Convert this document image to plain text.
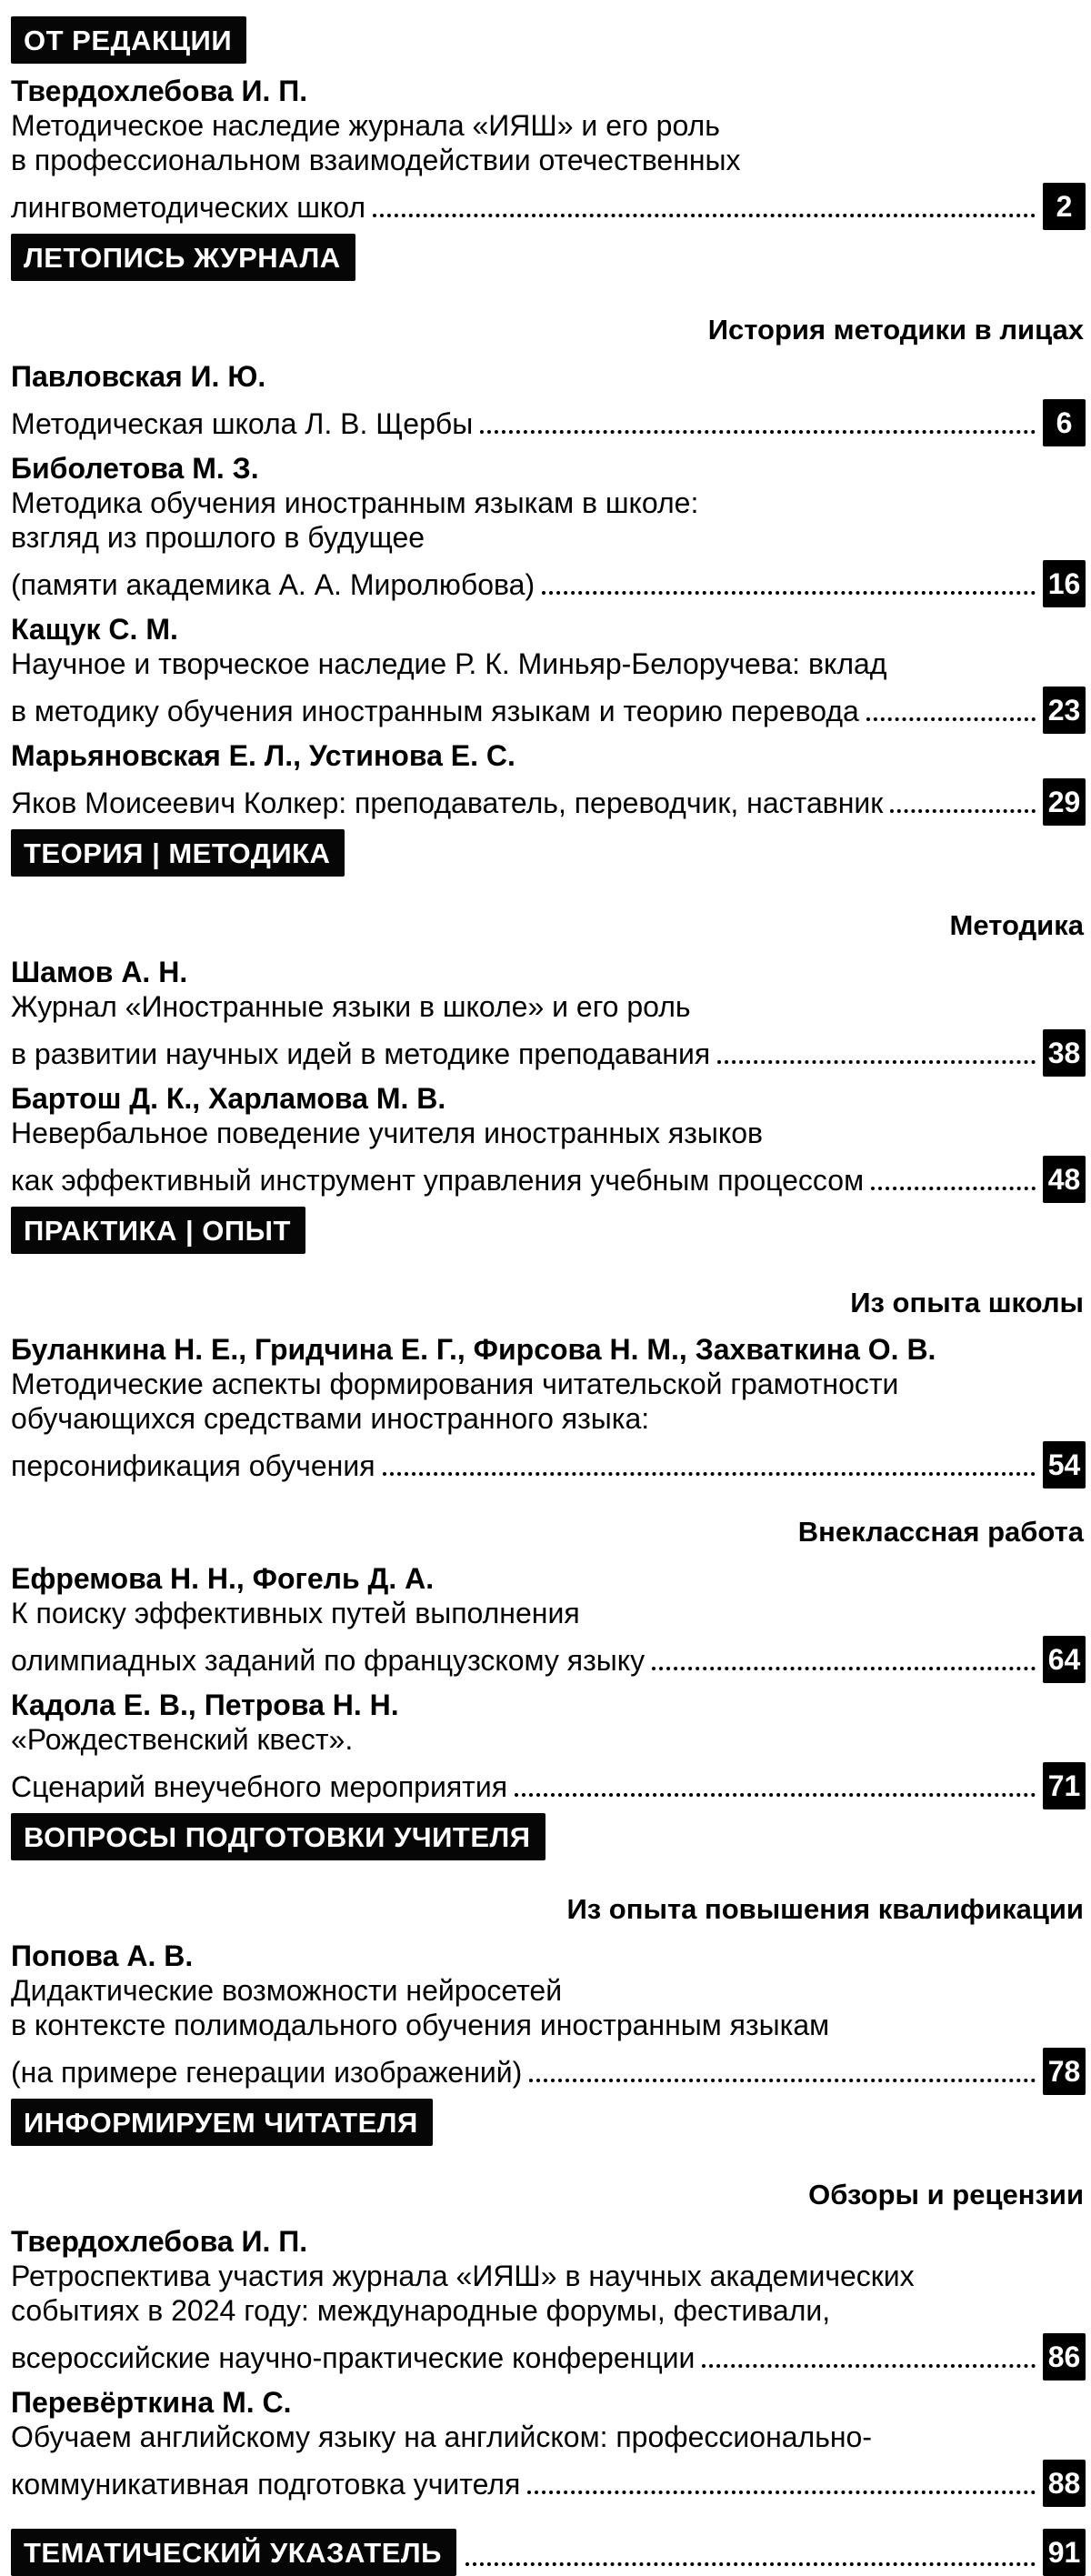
ОТ РЕДАКЦИИ
Твердохлебова И. П.

Методическое наследие журнала «ИЯШ» и его роль

в профессиональном взаимодействии отечественных

лингвометодических школ	2
ЛЕТОПИСЬ ЖУРНАЛА
История методики в лицах
Павловская И. Ю.
Методическая школа Л. В. Щербы	6
Биболетова М. З.

Методика обучения иностранным языкам в школе:

взгляд из прошлого в будущее

(памяти академика А. А. Миролюбова)	16
Кащук С. М.

Научное и творческое наследие Р. К. Миньяр-Белоручева: вклад

в методику обучения иностранным языкам и теорию перевода	23
Марьяновская Е. Л., Устинова Е. С.
Яков Моисеевич Колкер: преподаватель, переводчик, наставник	29
ТЕОРИЯ | МЕТОДИКА
Методика
Шамов А. Н.

Журнал «Иностранные языки в школе» и его роль

в развитии научных идей в методике преподавания	38
Бартош Д. К., Харламова М. В.

Невербальное поведение учителя иностранных языков

как эффективный инструмент управления учебным процессом	48
ПРАКТИКА | ОПЫТ
Из опыта школы
Буланкина Н. Е., Гридчина Е. Г., Фирсова Н. М., Захваткина О. В.

Методические аспекты формирования читательской грамотности

обучающихся средствами иностранного языка:

персонификация обучения	54
Внеклассная работа
Ефремова Н. Н., Фогель Д. А.

К поиску эффективных путей выполнения

олимпиадных заданий по французскому языку	64
Кадола Е. В., Петрова Н. Н.

«Рождественский квест».

Сценарий внеучебного мероприятия	71
ВОПРОСЫ ПОДГОТОВКИ УЧИТЕЛЯ
Из опыта повышения квалификации
Попова А. В.

Дидактические возможности нейросетей

в контексте полимодального обучения иностранным языкам

(на примере генерации изображений)	78
ИНФОРМИРУЕМ ЧИТАТЕЛЯ
Обзоры и рецензии
Твердохлебова И. П.

Ретроспектива участия журнала «ИЯШ» в научных академических

событиях в 2024 году: международные форумы, фестивали,

всероссийские научно-практические конференции	86
Перевёрткина М. С.

Обучаем английскому языку на английском: профессионально-

коммуникативная подготовка учителя	88
ТЕМАТИЧЕСКИЙ УКАЗАТЕЛЬ	91
